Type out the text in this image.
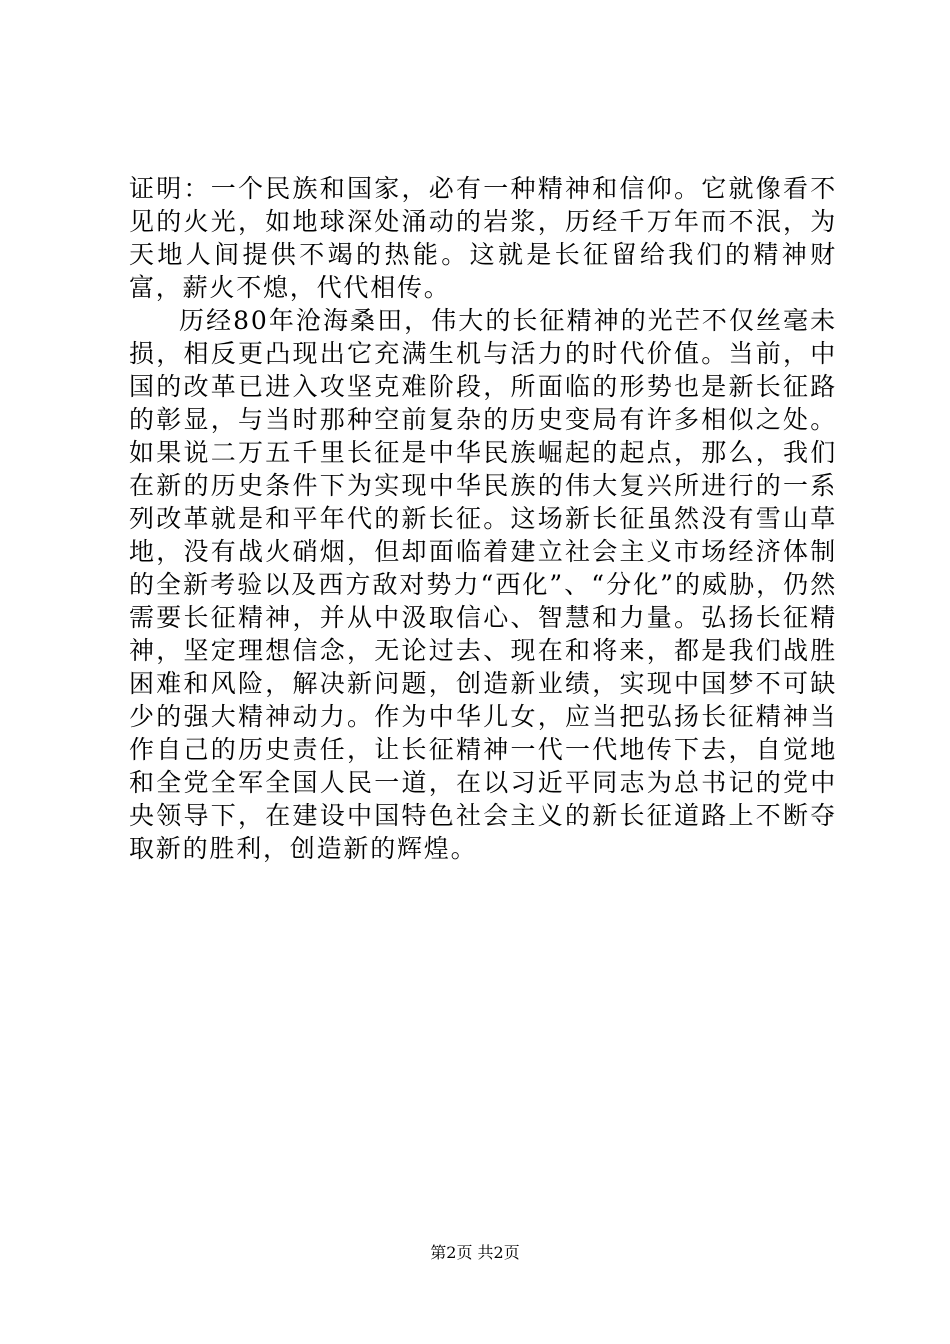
证明：一个民族和国家，必有一种精神和信仰。它就像看不见的火光，如地球深处涌动的岩浆，历经千万年而不泯，为天地人间提供不竭的热能。这就是长征留给我们的精神财富，薪火不熄，代代相传。

历经80年沧海桑田，伟大的长征精神的光芒不仅丝毫未损，相反更凸现出它充满生机与活力的时代价值。当前，中国的改革已进入攻坚克难阶段，所面临的形势也是新长征路的彰显，与当时那种空前复杂的历史变局有许多相似之处。如果说二万五千里长征是中华民族崛起的起点，那么，我们在新的历史条件下为实现中华民族的伟大复兴所进行的一系列改革就是和平年代的新长征。这场新长征虽然没有雪山草地，没有战火硝烟，但却面临着建立社会主义市场经济体制的全新考验以及西方敌对势力“西化”、“分化”的威胁，仍然需要长征精神，并从中汲取信心、智慧和力量。弘扬长征精神，坚定理想信念，无论过去、现在和将来，都是我们战胜困难和风险，解决新问题，创造新业绩，实现中国梦不可缺少的强大精神动力。作为中华儿女，应当把弘扬长征精神当作自己的历史责任，让长征精神一代一代地传下去，自觉地和全党全军全国人民一道，在以习近平同志为总书记的党中央领导下，在建设中国特色社会主义的新长征道路上不断夺取新的胜利，创造新的辉煌。

第2页 共2页
